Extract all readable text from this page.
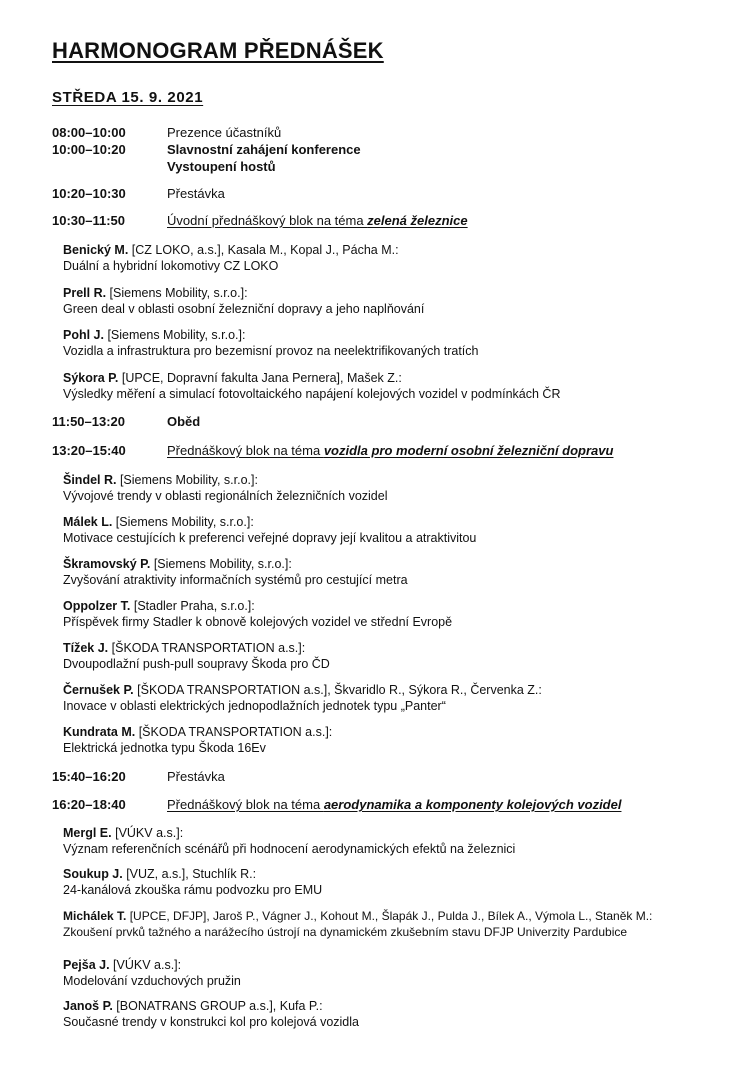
HARMONOGRAM PŘEDNÁŠEK
STŘEDA 15. 9. 2021
08:00–10:00	Prezence účastníků
10:00–10:20	Slavnostní zahájení konference
Vystoupení hostů
10:20–10:30	Přestávka
10:30–11:50	Úvodní přednáškový blok na téma zelená železnice
Benický M. [CZ LOKO, a.s.], Kasala M., Kopal J., Pácha M.:
Duální a hybridní lokomotivy CZ LOKO
Prell R. [Siemens Mobility, s.r.o.]:
Green deal v oblasti osobní železniční dopravy a jeho naplňování
Pohl J. [Siemens Mobility, s.r.o.]:
Vozidla a infrastruktura pro bezemisní provoz na neelektrifikovaných tratích
Sýkora P. [UPCE, Dopravní fakulta Jana Pernera], Mašek Z.:
Výsledky měření a simulací fotovoltaického napájení kolejových vozidel v podmínkách ČR
11:50–13:20	Oběd
13:20–15:40	Přednáškový blok na téma vozidla pro moderní osobní železniční dopravu
Šindel R. [Siemens Mobility, s.r.o.]:
Vývojové trendy v oblasti regionálních železničních vozidel
Málek L. [Siemens Mobility, s.r.o.]:
Motivace cestujících k preferenci veřejné dopravy její kvalitou a atraktivitou
Škramovský P. [Siemens Mobility, s.r.o.]:
Zvyšování atraktivity informačních systémů pro cestující metra
Oppolzer T. [Stadler Praha, s.r.o.]:
Příspěvek firmy Stadler k obnově kolejových vozidel ve střední Evropě
Tížek J. [ŠKODA TRANSPORTATION a.s.]:
Dvoupodlažní push-pull soupravy Škoda pro ČD
Černušek P. [ŠKODA TRANSPORTATION a.s.], Škvaridlo R., Sýkora R., Červenka Z.:
Inovace v oblasti elektrických jednopodlažních jednotek typu „Panter“
Kundrata M. [ŠKODA TRANSPORTATION a.s.]:
Elektrická jednotka typu Škoda 16Ev
15:40–16:20	Přestávka
16:20–18:40	Přednáškový blok na téma aerodynamika a komponenty kolejových vozidel
Mergl E. [VÚKV a.s.]:
Význam referenčních scénářů při hodnocení aerodynamických efektů na železnici
Soukup J. [VUZ, a.s.], Stuchlík R.:
24-kanálová zkouška rámu podvozku pro EMU
Michálek T. [UPCE, DFJP], Jaroš P., Vágner J., Kohout M., Šlapák J., Pulda J., Bílek A., Výmola L., Staněk M.:
Zkoušení prvků tažného a narážecího ústrojí na dynamickém zkušebním stavu DFJP Univerzity Pardubice
Pejša J. [VÚKV a.s.]:
Modelování vzduchových pružin
Janoš P. [BONATRANS GROUP a.s.], Kufa P.:
Současné trendy v konstrukci kol pro kolejová vozidla
